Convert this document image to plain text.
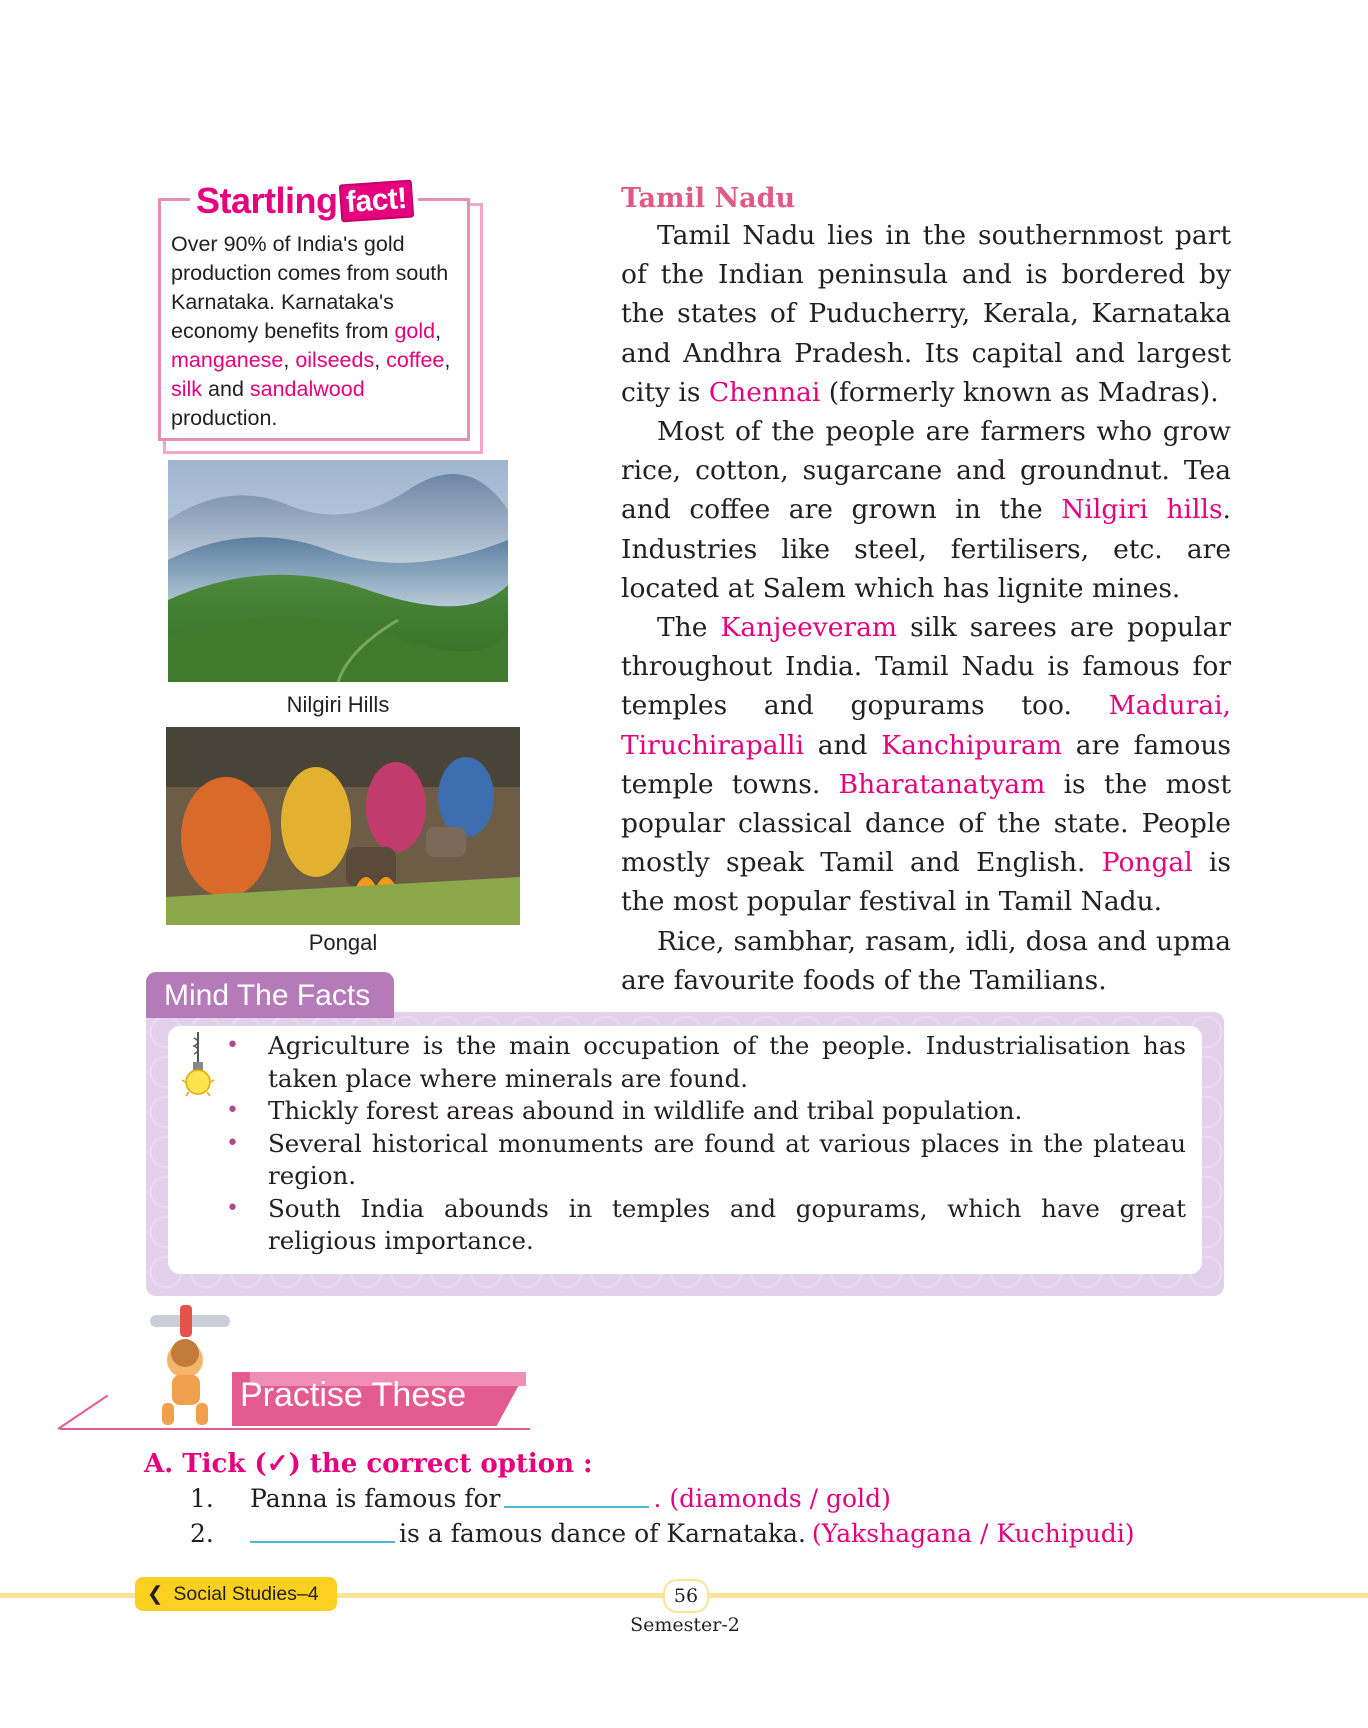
Startling fact!
Over 90% of India's gold production comes from south Karnataka. Karnataka's economy benefits from gold, manganese, oilseeds, coffee, silk and sandalwood production.
Nilgiri Hills
Pongal
Tamil Nadu

Tamil Nadu lies in the southernmost part of the Indian peninsula and is bordered by the states of Puducherry, Kerala, Karnataka and Andhra Pradesh. Its capital and largest city is Chennai (formerly known as Madras).

Most of the people are farmers who grow rice, cotton, sugarcane and groundnut. Tea and coffee are grown in the Nilgiri hills. Industries like steel, fertilisers, etc. are located at Salem which has lignite mines.

The Kanjeeveram silk sarees are popular throughout India. Tamil Nadu is famous for temples and gopurams too. Madurai, Tiruchirapalli and Kanchipuram are famous temple towns. Bharatanatyam is the most popular classical dance of the state. People mostly speak Tamil and English. Pongal is the most popular festival in Tamil Nadu.

Rice, sambhar, rasam, idli, dosa and upma are favourite foods of the Tamilians.

Mind The Facts
• Agriculture is the main occupation of the people. Industrialisation has taken place where minerals are found.
• Thickly forest areas abound in wildlife and tribal population.
• Several historical monuments are found at various places in the plateau region.
• South India abounds in temples and gopurams, which have great religious importance.
Practise These
A. Tick (✓) the correct option :
1.	Panna is famous for	. (diamonds / gold)
2.	is a famous dance of Karnataka. (Yakshagana / Kuchipudi)
❮ Social Studies–4	56
Semester-2
